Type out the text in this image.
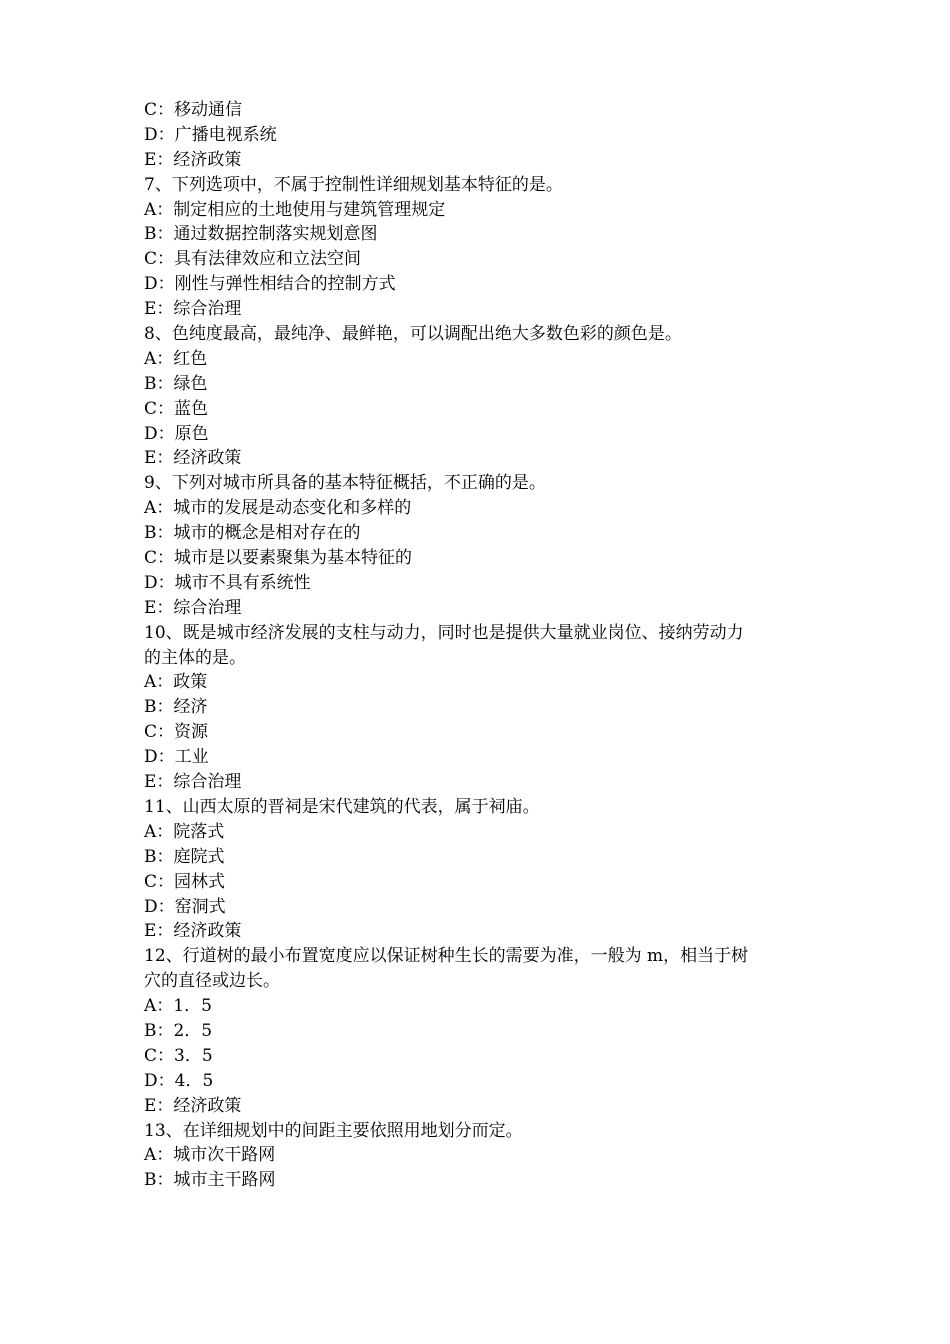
C：移动通信
D：广播电视系统
E：经济政策
7、下列选项中，不属于控制性详细规划基本特征的是。
A：制定相应的土地使用与建筑管理规定
B：通过数据控制落实规划意图
C：具有法律效应和立法空间
D：刚性与弹性相结合的控制方式
E：综合治理
8、色纯度最高，最纯净、最鲜艳，可以调配出绝大多数色彩的颜色是。
A：红色
B：绿色
C：蓝色
D：原色
E：经济政策
9、下列对城市所具备的基本特征概括，不正确的是。
A：城市的发展是动态变化和多样的
B：城市的概念是相对存在的
C：城市是以要素聚集为基本特征的
D：城市不具有系统性
E：综合治理
10、既是城市经济发展的支柱与动力，同时也是提供大量就业岗位、接纳劳动力
的主体的是。
A：政策
B：经济
C：资源
D：工业
E：综合治理
11、山西太原的晋祠是宋代建筑的代表，属于祠庙。
A：院落式
B：庭院式
C：园林式
D：窑洞式
E：经济政策
12、行道树的最小布置宽度应以保证树种生长的需要为准，一般为 m，相当于树
穴的直径或边长。
A：1．5
B：2．5
C：3．5
D：4．5
E：经济政策
13、在详细规划中的间距主要依照用地划分而定。
A：城市次干路网
B：城市主干路网
